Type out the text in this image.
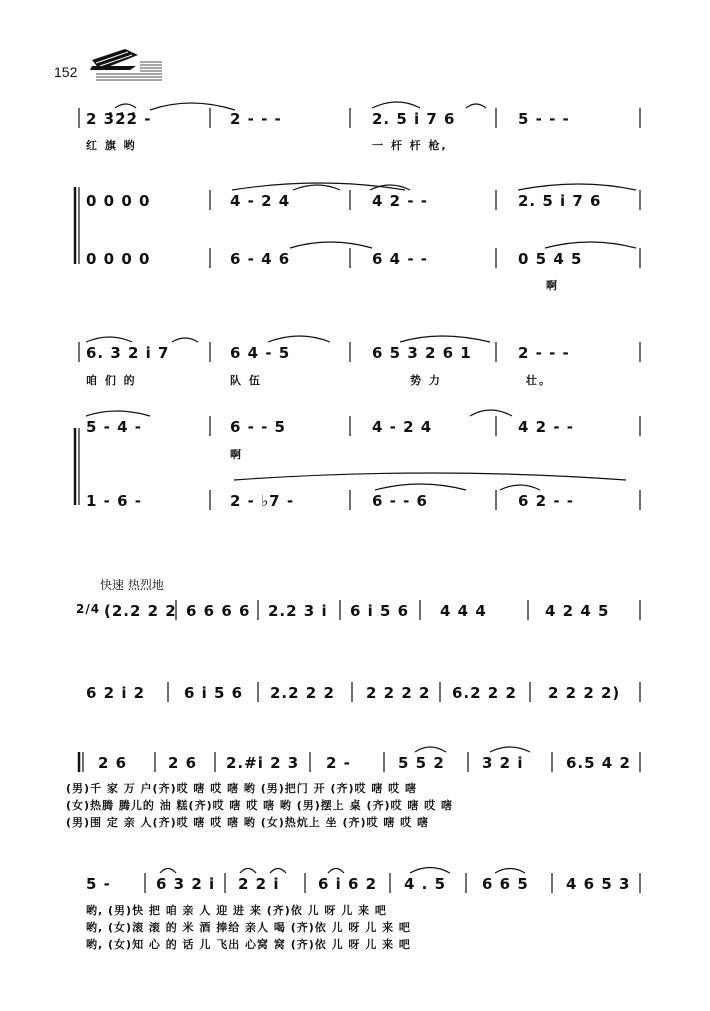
152
2 3̇2̇2̇ -	2 - - -	2. 5 i 7 6	5 - - -
红 旗 哟	一 杆 杆 枪,
0 0 0 0	4 - 2 4	4 2 - -	2. 5 i 7 6
0 0 0 0	6 - 4 6	6 4 - -	0 5 4 5
啊
6. 3 2 i 7	6 4 - 5	6 5 3 2 6 1	2 - - -
咱 们 的	队 伍	势 力	壮。
5 - 4 -	6 - - 5	4 - 2 4	4 2 - -
啊
1 - 6 -	2 - ♭7 -	6 - - 6	6 2 - -
快速 热烈地
2/4 (2.2 2 2 6 6 6 6 2.2 3 i 6 i 5 6 4 4 4	4 2 4 5
6 2 i 2	6 i 5 6 2.2 2 2 2 2 2 2 6.2 2 2 2 2 2 2)
2 6	2 6 2.#i 2 3 2 -	5 5 2 3 2 i	6.5 4 2
(男)千 家 万 户(齐)哎 嗐 哎 嗐 哟 (男)把门 开 (齐)哎 嗐 哎 嗐
(女)热腾 腾儿的 油 糕(齐)哎 嗐 哎 嗐 哟 (男)摆上 桌 (齐)哎 嗐 哎 嗐
(男)围 定 亲 人(齐)哎 嗐 哎 嗐 哟 (女)热炕上 坐 (齐)哎 嗐 哎 嗐
5 -	6 3 2 i 2 2 i	6 i 6 2 4 . 5 6 6 5 4 6 5 3
哟, (男)快 把 咱 亲 人 迎 进 来 (齐)依 儿 呀 儿 来 吧
哟, (女)滚 滚 的 米 酒 捧给 亲人 喝 (齐)依 儿 呀 儿 来 吧
哟, (女)知 心 的 话 儿 飞出 心窝 窝 (齐)依 儿 呀 儿 来 吧
